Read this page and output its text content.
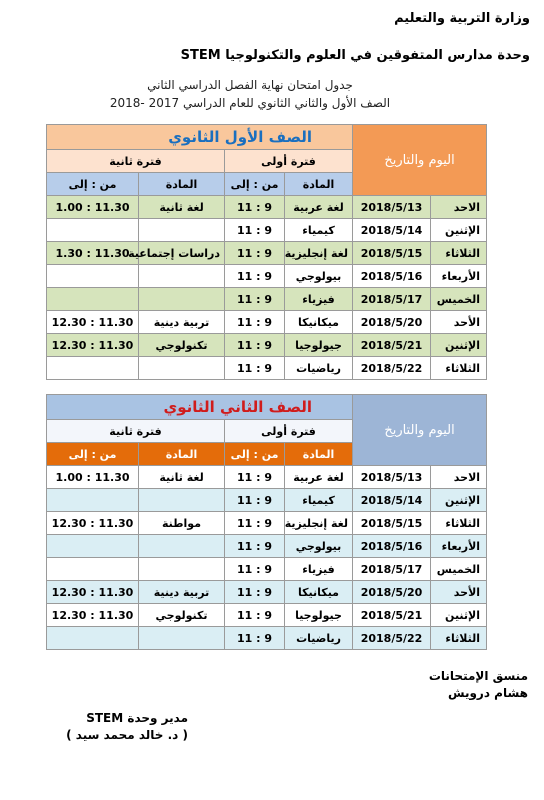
وزارة التربية والتعليم
وحدة مدارس المتفوقين في العلوم والتكنولوجيا STEM
جدول امتحان نهاية الفصل الدراسي الثاني
الصف الأول والثاني الثانوي للعام الدراسي 2017 -2018
اليوم والتاريخ		الصف الأول الثانوي			
		فترة أولى		فترة ثانية	
		المادة	من : إلى	المادة	من : إلى
الاحد	2018/5/13	لغة عربية	9 : 11	لغة ثانية	11.30 : 1.00
الإثنين	2018/5/14	كيمياء	9 : 11		
الثلاثاء	2018/5/15	لغة إنجليزية	9 : 11	دراسات إجتماعية	11.30 : 1.30
الأربعاء	2018/5/16	بيولوجي	9 : 11		
الخميس	2018/5/17	فيزياء	9 : 11		
الأحد	2018/5/20	ميكانيكا	9 : 11	تربية دينية	11.30 : 12.30
الإثنين	2018/5/21	جيولوجيا	9 : 11	تكنولوجي	11.30 : 12.30
الثلاثاء	2018/5/22	رياضيات	9 : 11		
اليوم والتاريخ		الصف الثاني الثانوي			
		فترة أولى		فترة ثانية	
		المادة	من : إلى	المادة	من : إلى
الاحد	2018/5/13	لغة عربية	9 : 11	لغة ثانية	11.30 : 1.00
الإثنين	2018/5/14	كيمياء	9 : 11		
الثلاثاء	2018/5/15	لغة إنجليزية	9 : 11	مواطنة	11.30 : 12.30
الأربعاء	2018/5/16	بيولوجي	9 : 11		
الخميس	2018/5/17	فيزياء	9 : 11		
الأحد	2018/5/20	ميكانيكا	9 : 11	تربية دينية	11.30 : 12.30
الإثنين	2018/5/21	جيولوجيا	9 : 11	تكنولوجي	11.30 : 12.30
الثلاثاء	2018/5/22	رياضيات	9 : 11		
منسق الإمتحانات
هشام درويش
مدير وحدة STEM
( د. خالد محمد سيد )
